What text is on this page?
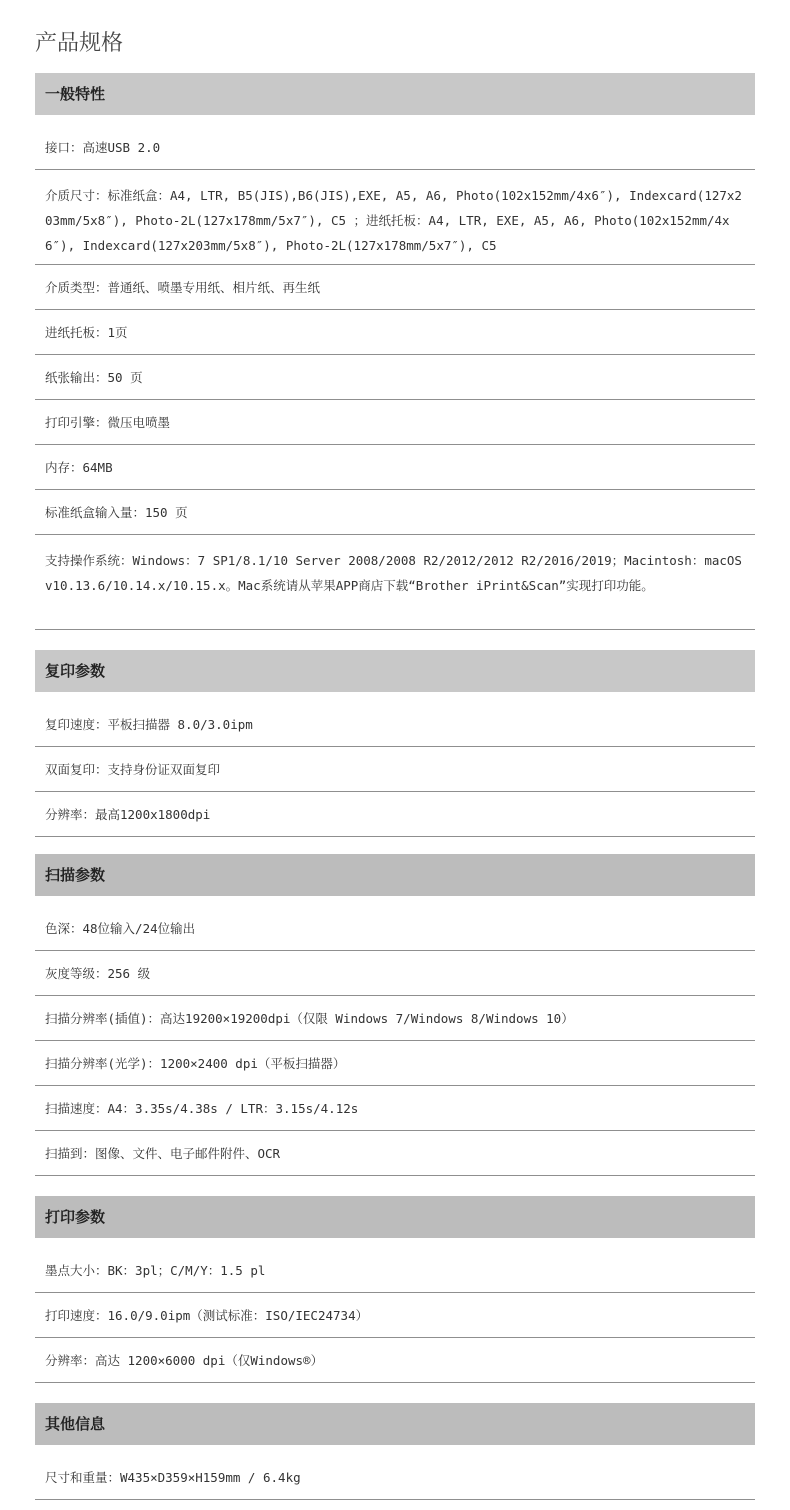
产品规格
一般特性
接口：高速USB 2.0
介质尺寸：标准纸盒：A4, LTR, B5(JIS),B6(JIS),EXE, A5, A6, Photo(102x152mm/4x6″), Indexcard(127x203mm/5x8″), Photo-2L(127x178mm/5x7″), C5 ；进纸托板：A4, LTR, EXE, A5, A6, Photo(102x152mm/4x6″), Indexcard(127x203mm/5x8″), Photo-2L(127x178mm/5x7″), C5
介质类型：普通纸、喷墨专用纸、相片纸、再生纸
进纸托板：1页
纸张输出：50 页
打印引擎：微压电喷墨
内存：64MB
标准纸盒输入量：150 页
支持操作系统：Windows：7 SP1/8.1/10 Server 2008/2008 R2/2012/2012 R2/2016/2019；Macintosh：macOS v10.13.6/10.14.x/10.15.x。Mac系统请从苹果APP商店下载“Brother iPrint&Scan”实现打印功能。
复印参数
复印速度：平板扫描器 8.0/3.0ipm
双面复印：支持身份证双面复印
分辨率：最高1200x1800dpi
扫描参数
色深：48位输入/24位输出
灰度等级：256 级
扫描分辨率(插值)：高达19200×19200dpi（仅限 Windows 7/Windows 8/Windows 10）
扫描分辨率(光学)：1200×2400 dpi（平板扫描器）
扫描速度：A4：3.35s/4.38s / LTR：3.15s/4.12s
扫描到：图像、文件、电子邮件附件、OCR
打印参数
墨点大小：BK：3pl；C/M/Y：1.5 pl
打印速度：16.0/9.0ipm（测试标准：ISO/IEC24734）
分辨率：高达 1200×6000 dpi（仅Windows®）
其他信息
尺寸和重量：W435×D359×H159mm / 6.4kg
